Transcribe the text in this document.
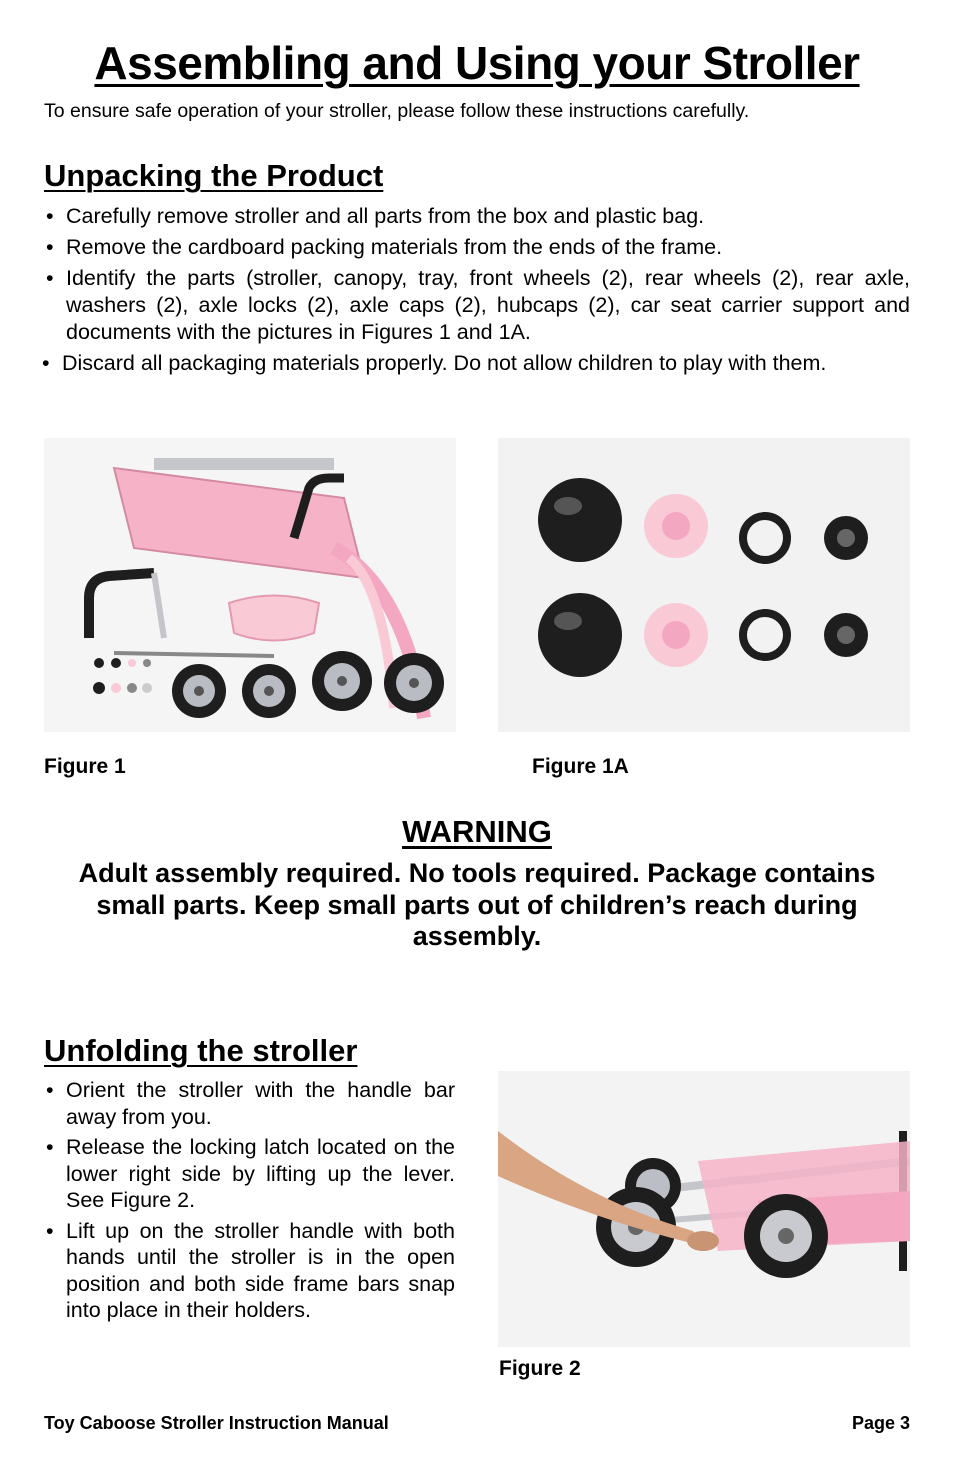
Assembling and Using your Stroller
To ensure safe operation of your stroller, please follow these instructions carefully.
Unpacking the Product
• Carefully remove stroller and all parts from the box and plastic bag.
• Remove the cardboard packing materials from the ends of the frame.
• Identify the parts (stroller, canopy, tray, front wheels (2), rear wheels (2), rear axle, washers (2), axle locks (2), axle caps (2), hubcaps (2), car seat carrier support and documents with the pictures in Figures 1 and 1A.
• Discard all packaging materials properly. Do not allow children to play with them.
Figure 1	Figure 1A
WARNING
Adult assembly required. No tools required. Package contains small parts. Keep small parts out of children’s reach during assembly.
Unfolding the stroller
• Orient the stroller with the handle bar away from you.
• Release the locking latch located on the lower right side by lifting up the lever. See Figure 2.
• Lift up on the stroller handle with both hands until the stroller is in the open position and both side frame bars snap into place in their holders.
Figure 2
Toy Caboose Stroller Instruction Manual	Page 3
